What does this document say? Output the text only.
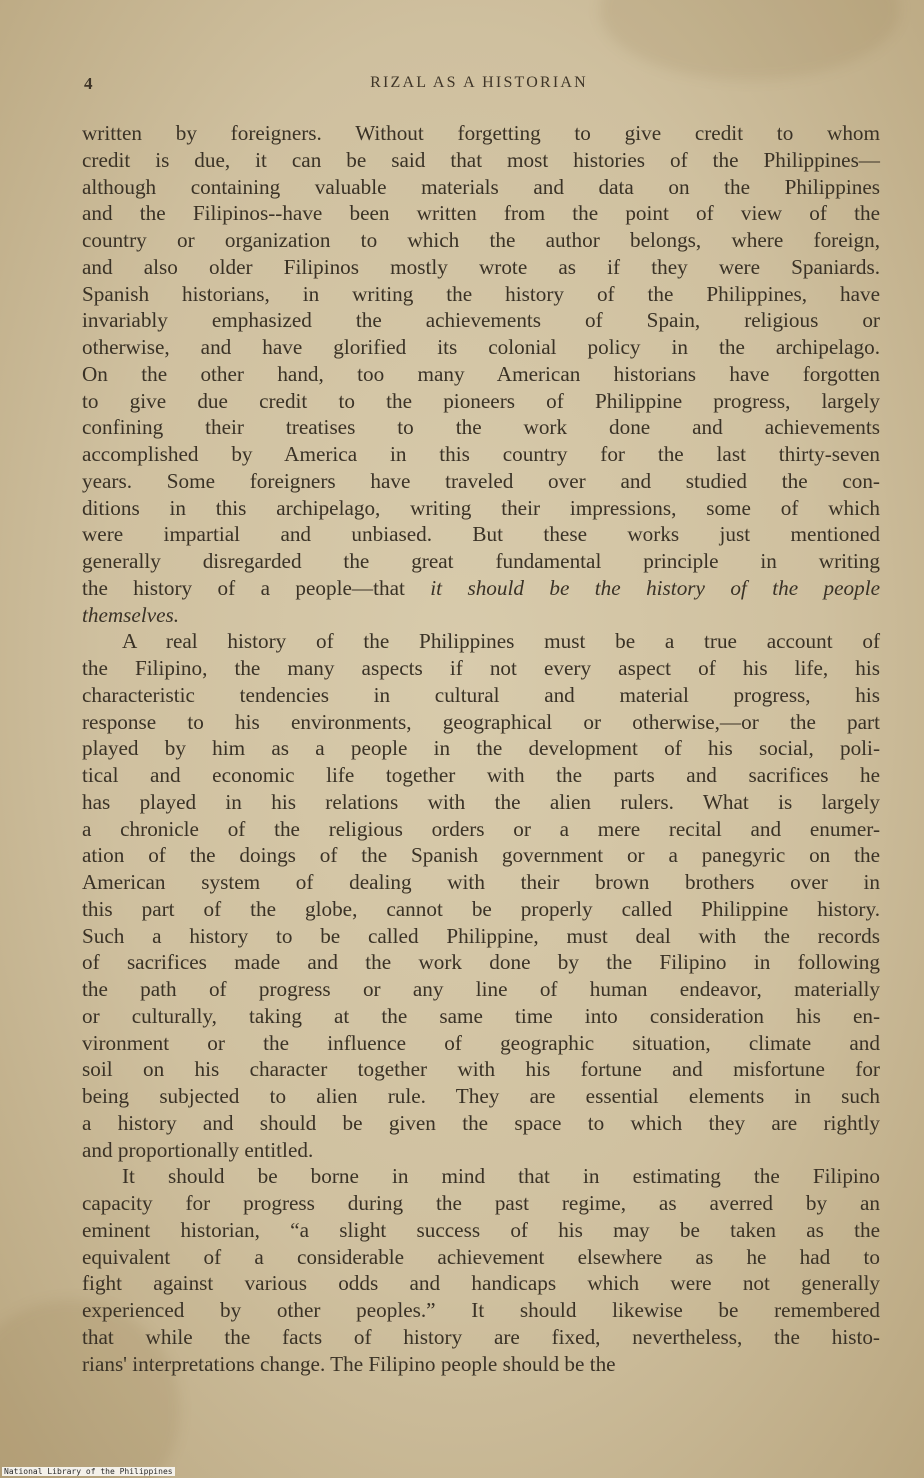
4	RIZAL AS A HISTORIAN
written by foreigners. Without forgetting to give credit to whom
credit is due, it can be said that most histories of the Philippines—
although containing valuable materials and data on the Philippines
and the Filipinos--have been written from the point of view of the
country or organization to which the author belongs, where foreign,
and also older Filipinos mostly wrote as if they were Spaniards.
Spanish historians, in writing the history of the Philippines, have
invariably emphasized the achievements of Spain, religious or
otherwise, and have glorified its colonial policy in the archipelago.
On the other hand, too many American historians have forgotten
to give due credit to the pioneers of Philippine progress, largely
confining their treatises to the work done and achievements
accomplished by America in this country for the last thirty-seven
years. Some foreigners have traveled over and studied the con-
ditions in this archipelago, writing their impressions, some of which
were impartial and unbiased. But these works just mentioned
generally disregarded the great fundamental principle in writing
the history of a people—that it should be the history of the people
themselves.
A real history of the Philippines must be a true account of
the Filipino, the many aspects if not every aspect of his life, his
characteristic tendencies in cultural and material progress, his
response to his environments, geographical or otherwise,—or the part
played by him as a people in the development of his social, poli-
tical and economic life together with the parts and sacrifices he
has played in his relations with the alien rulers. What is largely
a chronicle of the religious orders or a mere recital and enumer-
ation of the doings of the Spanish government or a panegyric on the
American system of dealing with their brown brothers over in
this part of the globe, cannot be properly called Philippine history.
Such a history to be called Philippine, must deal with the records
of sacrifices made and the work done by the Filipino in following
the path of progress or any line of human endeavor, materially
or culturally, taking at the same time into consideration his en-
vironment or the influence of geographic situation, climate and
soil on his character together with his fortune and misfortune for
being subjected to alien rule. They are essential elements in such
a history and should be given the space to which they are rightly
and proportionally entitled.
It should be borne in mind that in estimating the Filipino
capacity for progress during the past regime, as averred by an
eminent historian, “a slight success of his may be taken as the
equivalent of a considerable achievement elsewhere as he had to
fight against various odds and handicaps which were not generally
experienced by other peoples.” It should likewise be remembered
that while the facts of history are fixed, nevertheless, the histo-
rians' interpretations change. The Filipino people should be the
National Library of the Philippines
